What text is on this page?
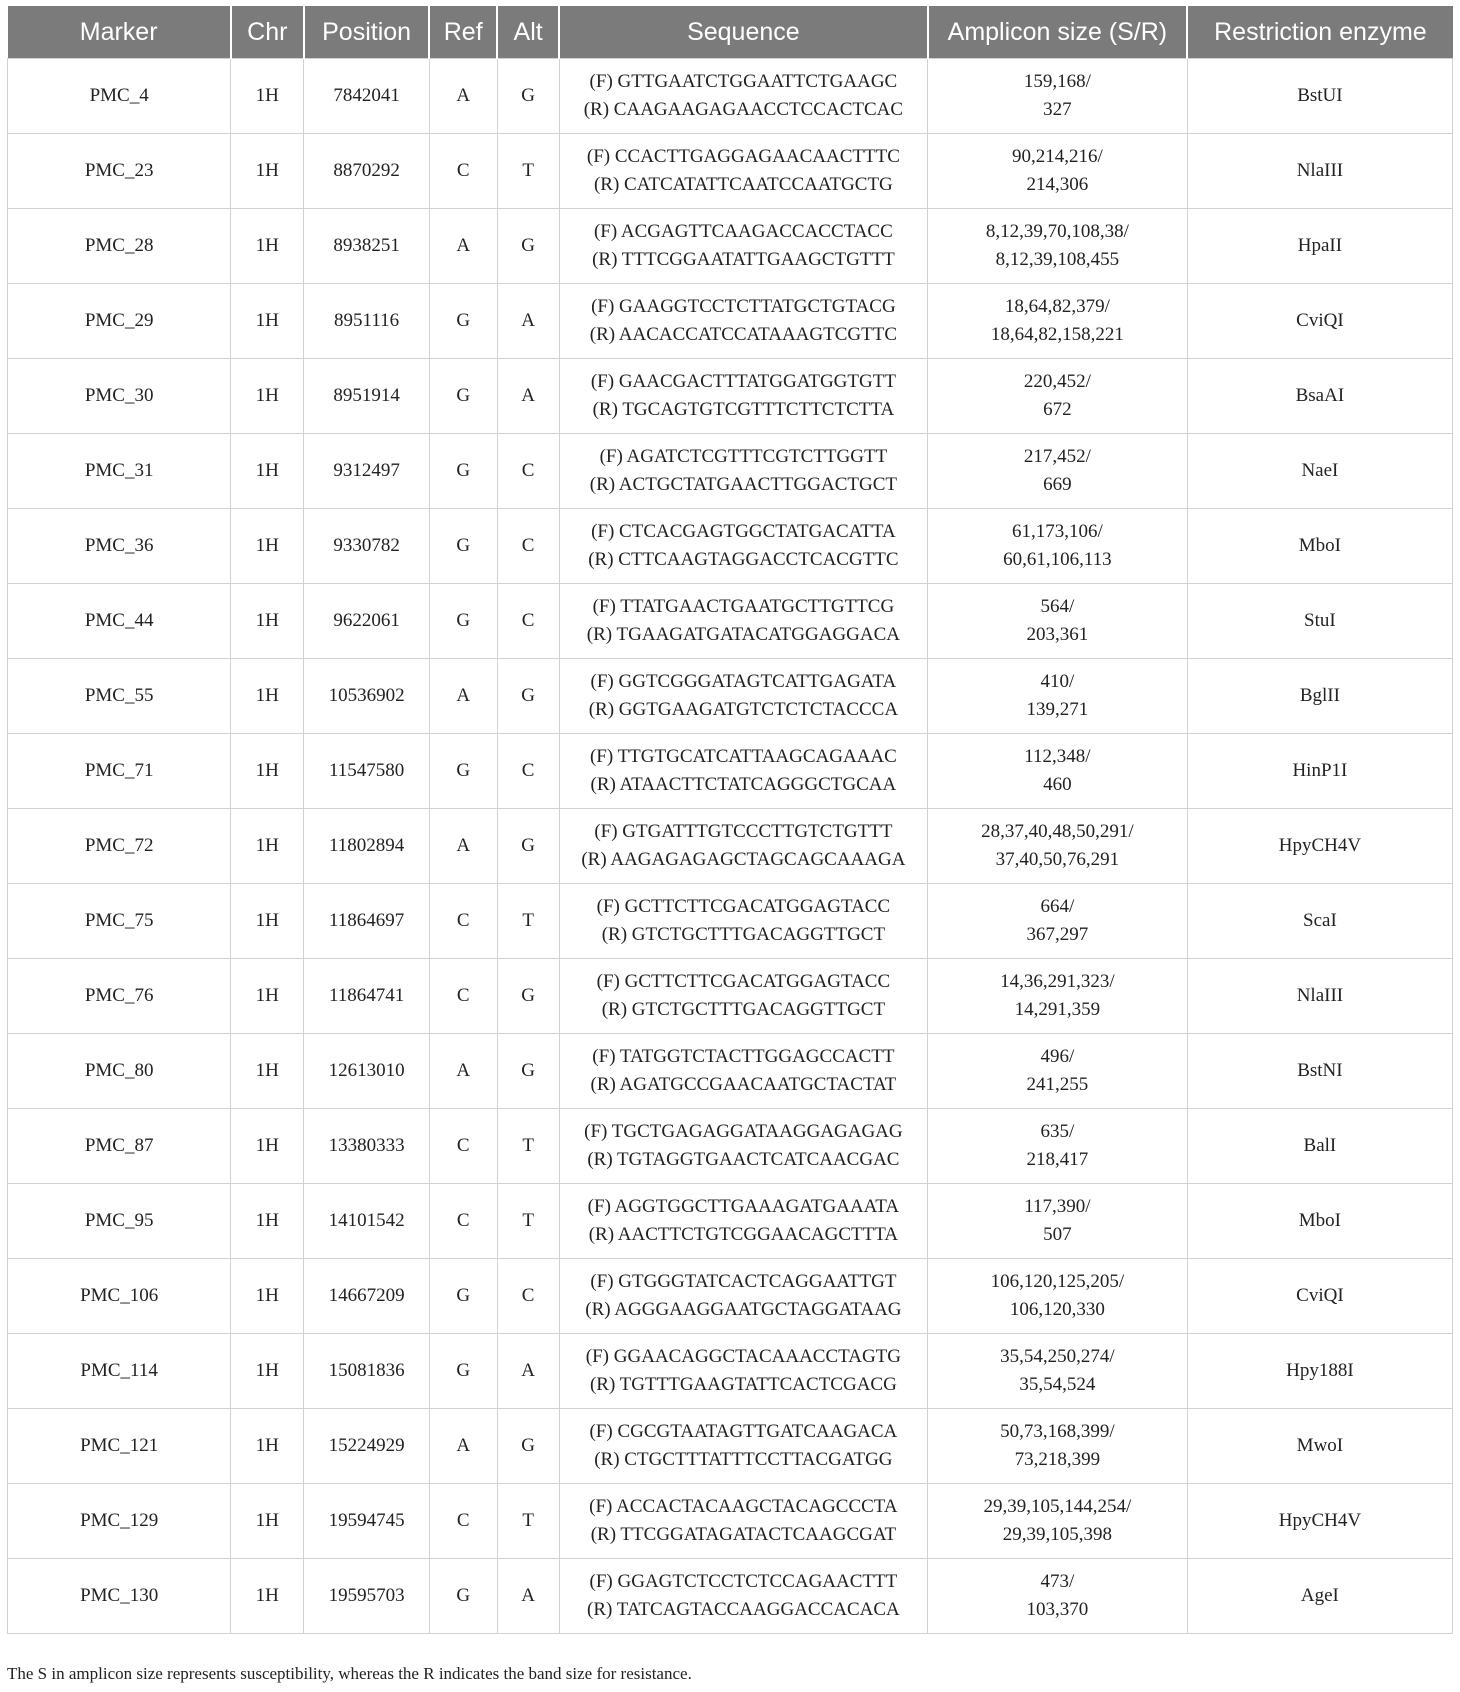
Marker	Chr	Position	Ref	Alt	Sequence	Amplicon size (S/R)	Restriction enzyme
PMC_4	1H	7842041	A	G	(F) GTTGAATCTGGAATTCTGAAGC
(R) CAAGAAGAGAACCTCCACTCAC	159,168/
327	BstUI
PMC_23	1H	8870292	C	T	(F) CCACTTGAGGAGAACAACTTTC
(R) CATCATATTCAATCCAATGCTG	90,214,216/
214,306	NlaIII
PMC_28	1H	8938251	A	G	(F) ACGAGTTCAAGACCACCTACC
(R) TTTCGGAATATTGAAGCTGTTT	8,12,39,70,108,38/
8,12,39,108,455	HpaII
PMC_29	1H	8951116	G	A	(F) GAAGGTCCTCTTATGCTGTACG
(R) AACACCATCCATAAAGTCGTTC	18,64,82,379/
18,64,82,158,221	CviQI
PMC_30	1H	8951914	G	A	(F) GAACGACTTTATGGATGGTGTT
(R) TGCAGTGTCGTTTCTTCTCTTA	220,452/
672	BsaAI
PMC_31	1H	9312497	G	C	(F) AGATCTCGTTTCGTCTTGGTT
(R) ACTGCTATGAACTTGGACTGCT	217,452/
669	NaeI
PMC_36	1H	9330782	G	C	(F) CTCACGAGTGGCTATGACATTA
(R) CTTCAAGTAGGACCTCACGTTC	61,173,106/
60,61,106,113	MboI
PMC_44	1H	9622061	G	C	(F) TTATGAACTGAATGCTTGTTCG
(R) TGAAGATGATACATGGAGGACA	564/
203,361	StuI
PMC_55	1H	10536902	A	G	(F) GGTCGGGATAGTCATTGAGATA
(R) GGTGAAGATGTCTCTCTACCCA	410/
139,271	BglII
PMC_71	1H	11547580	G	C	(F) TTGTGCATCATTAAGCAGAAAC
(R) ATAACTTCTATCAGGGCTGCAA	112,348/
460	HinP1I
PMC_72	1H	11802894	A	G	(F) GTGATTTGTCCCTTGTCTGTTT
(R) AAGAGAGAGCTAGCAGCAAAGA	28,37,40,48,50,291/
37,40,50,76,291	HpyCH4V
PMC_75	1H	11864697	C	T	(F) GCTTCTTCGACATGGAGTACC
(R) GTCTGCTTTGACAGGTTGCT	664/
367,297	ScaI
PMC_76	1H	11864741	C	G	(F) GCTTCTTCGACATGGAGTACC
(R) GTCTGCTTTGACAGGTTGCT	14,36,291,323/
14,291,359	NlaIII
PMC_80	1H	12613010	A	G	(F) TATGGTCTACTTGGAGCCACTT
(R) AGATGCCGAACAATGCTACTAT	496/
241,255	BstNI
PMC_87	1H	13380333	C	T	(F) TGCTGAGAGGATAAGGAGAGAG
(R) TGTAGGTGAACTCATCAACGAC	635/
218,417	BalI
PMC_95	1H	14101542	C	T	(F) AGGTGGCTTGAAAGATGAAATA
(R) AACTTCTGTCGGAACAGCTTTA	117,390/
507	MboI
PMC_106	1H	14667209	G	C	(F) GTGGGTATCACTCAGGAATTGT
(R) AGGGAAGGAATGCTAGGATAAG	106,120,125,205/
106,120,330	CviQI
PMC_114	1H	15081836	G	A	(F) GGAACAGGCTACAAACCTAGTG
(R) TGTTTGAAGTATTCACTCGACG	35,54,250,274/
35,54,524	Hpy188I
PMC_121	1H	15224929	A	G	(F) CGCGTAATAGTTGATCAAGACA
(R) CTGCTTTATTTCCTTACGATGG	50,73,168,399/
73,218,399	MwoI
PMC_129	1H	19594745	C	T	(F) ACCACTACAAGCTACAGCCCTA
(R) TTCGGATAGATACTCAAGCGAT	29,39,105,144,254/
29,39,105,398	HpyCH4V
PMC_130	1H	19595703	G	A	(F) GGAGTCTCCTCTCCAGAACTTT
(R) TATCAGTACCAAGGACCACACA	473/
103,370	AgeI
The S in amplicon size represents susceptibility, whereas the R indicates the band size for resistance.
